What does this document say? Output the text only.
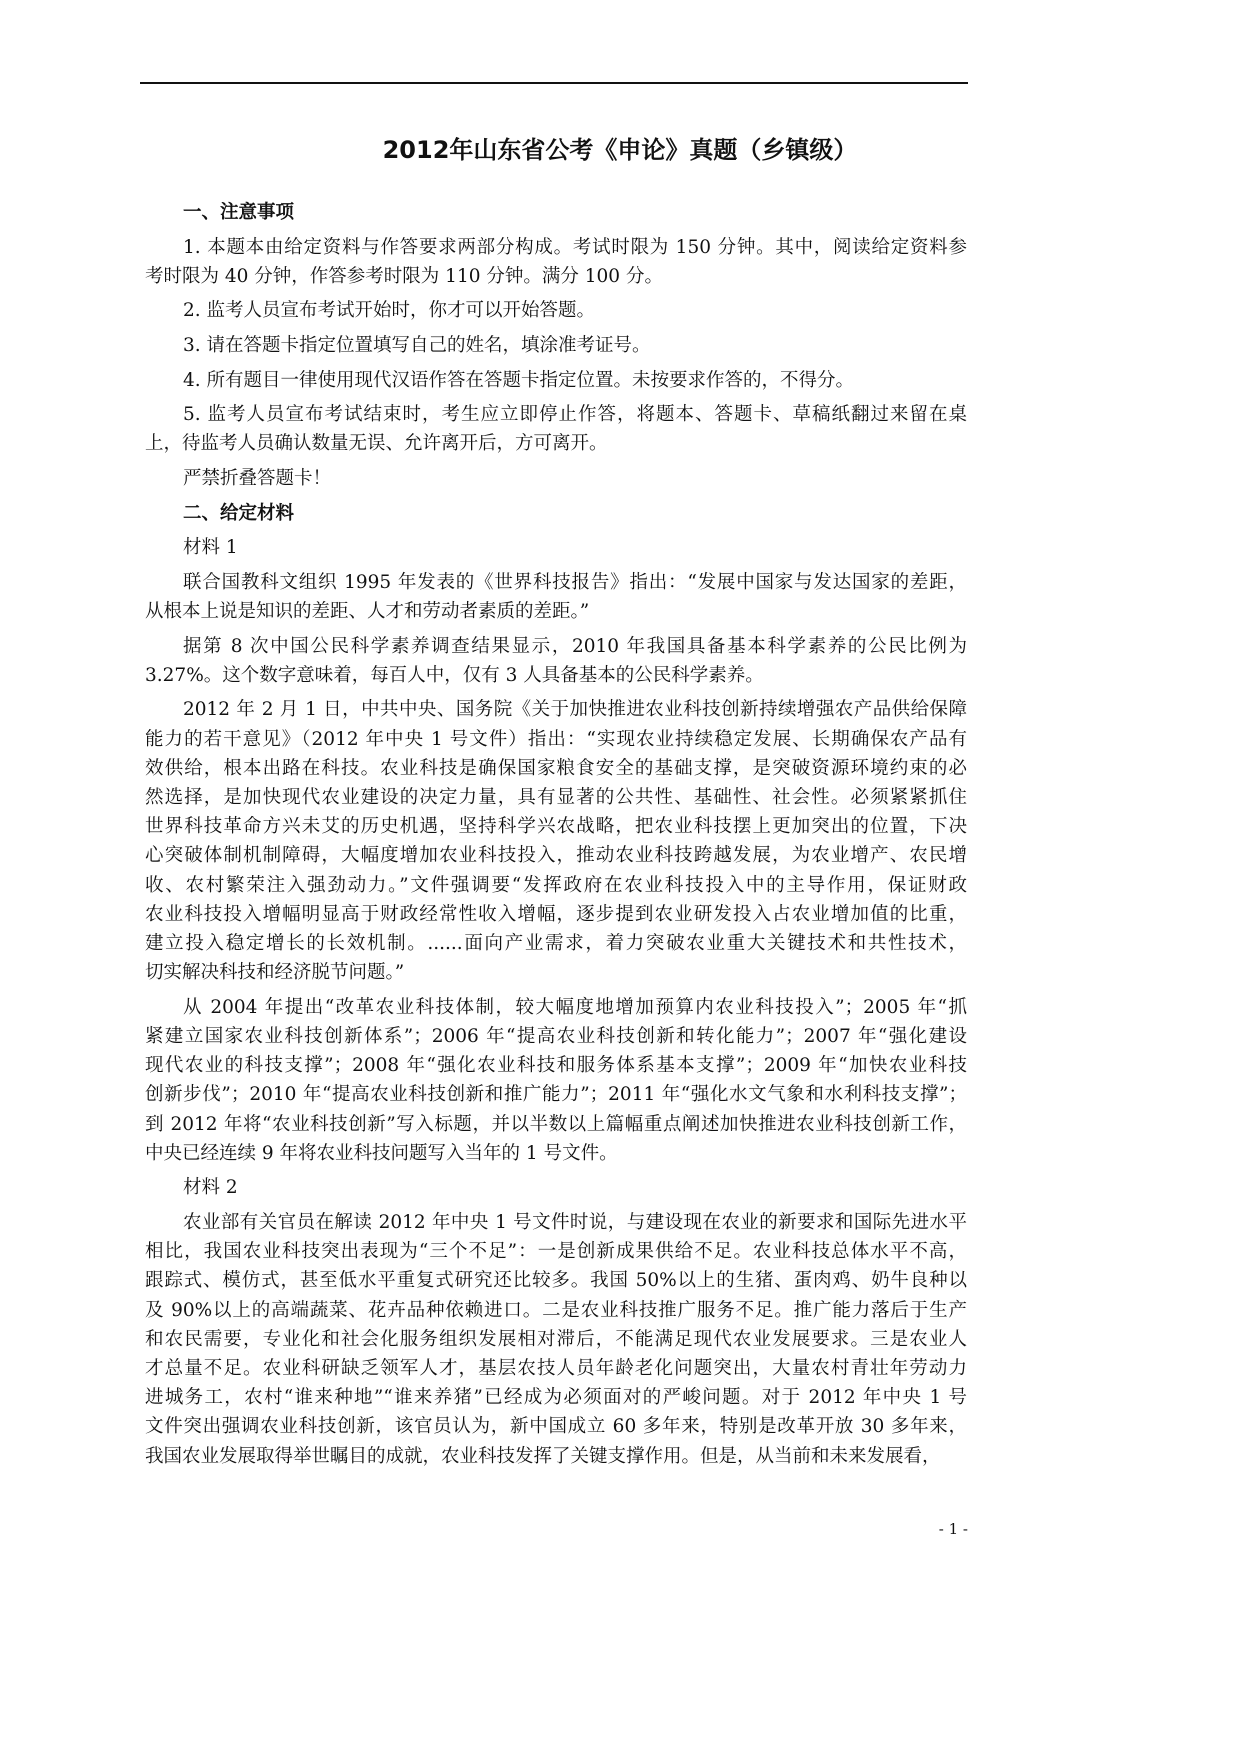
2012年山东省公考《申论》真题（乡镇级）
一、注意事项
1. 本题本由给定资料与作答要求两部分构成。考试时限为 150 分钟。其中，阅读给定资料参
考时限为 40 分钟，作答参考时限为 110 分钟。满分 100 分。
2. 监考人员宣布考试开始时，你才可以开始答题。
3. 请在答题卡指定位置填写自己的姓名，填涂准考证号。
4. 所有题目一律使用现代汉语作答在答题卡指定位置。未按要求作答的，不得分。
5. 监考人员宣布考试结束时，考生应立即停止作答，将题本、答题卡、草稿纸翻过来留在桌
上，待监考人员确认数量无误、允许离开后，方可离开。
严禁折叠答题卡！
二、给定材料
材料 1
联合国教科文组织 1995 年发表的《世界科技报告》指出：“发展中国家与发达国家的差距，
从根本上说是知识的差距、人才和劳动者素质的差距。”
据第 8 次中国公民科学素养调查结果显示，2010 年我国具备基本科学素养的公民比例为
3.27%。这个数字意味着，每百人中，仅有 3 人具备基本的公民科学素养。
2012 年 2 月 1 日，中共中央、国务院《关于加快推进农业科技创新持续增强农产品供给保障
能力的若干意见》（2012 年中央 1 号文件）指出：“实现农业持续稳定发展、长期确保农产品有
效供给，根本出路在科技。农业科技是确保国家粮食安全的基础支撑，是突破资源环境约束的必
然选择，是加快现代农业建设的决定力量，具有显著的公共性、基础性、社会性。必须紧紧抓住
世界科技革命方兴未艾的历史机遇，坚持科学兴农战略，把农业科技摆上更加突出的位置，下决
心突破体制机制障碍，大幅度增加农业科技投入，推动农业科技跨越发展，为农业增产、农民增
收、农村繁荣注入强劲动力。”文件强调要“发挥政府在农业科技投入中的主导作用，保证财政
农业科技投入增幅明显高于财政经常性收入增幅，逐步提到农业研发投入占农业增加值的比重，
建立投入稳定增长的长效机制。......面向产业需求，着力突破农业重大关键技术和共性技术，
切实解决科技和经济脱节问题。”
从 2004 年提出“改革农业科技体制，较大幅度地增加预算内农业科技投入”；2005 年“抓
紧建立国家农业科技创新体系”；2006 年“提高农业科技创新和转化能力”；2007 年“强化建设
现代农业的科技支撑”；2008 年“强化农业科技和服务体系基本支撑”；2009 年“加快农业科技
创新步伐”；2010 年“提高农业科技创新和推广能力”；2011 年“强化水文气象和水利科技支撑”；
到 2012 年将“农业科技创新”写入标题，并以半数以上篇幅重点阐述加快推进农业科技创新工作，
中央已经连续 9 年将农业科技问题写入当年的 1 号文件。
材料 2
农业部有关官员在解读 2012 年中央 1 号文件时说，与建设现在农业的新要求和国际先进水平
相比，我国农业科技突出表现为“三个不足”：一是创新成果供给不足。农业科技总体水平不高，
跟踪式、模仿式，甚至低水平重复式研究还比较多。我国 50%以上的生猪、蛋肉鸡、奶牛良种以
及 90%以上的高端蔬菜、花卉品种依赖进口。二是农业科技推广服务不足。推广能力落后于生产
和农民需要，专业化和社会化服务组织发展相对滞后，不能满足现代农业发展要求。三是农业人
才总量不足。农业科研缺乏领军人才，基层农技人员年龄老化问题突出，大量农村青壮年劳动力
进城务工，农村“谁来种地”“谁来养猪”已经成为必须面对的严峻问题。对于 2012 年中央 1 号
文件突出强调农业科技创新，该官员认为，新中国成立 60 多年来，特别是改革开放 30 多年来，
我国农业发展取得举世瞩目的成就，农业科技发挥了关键支撑作用。但是，从当前和未来发展看，
- 1 -
